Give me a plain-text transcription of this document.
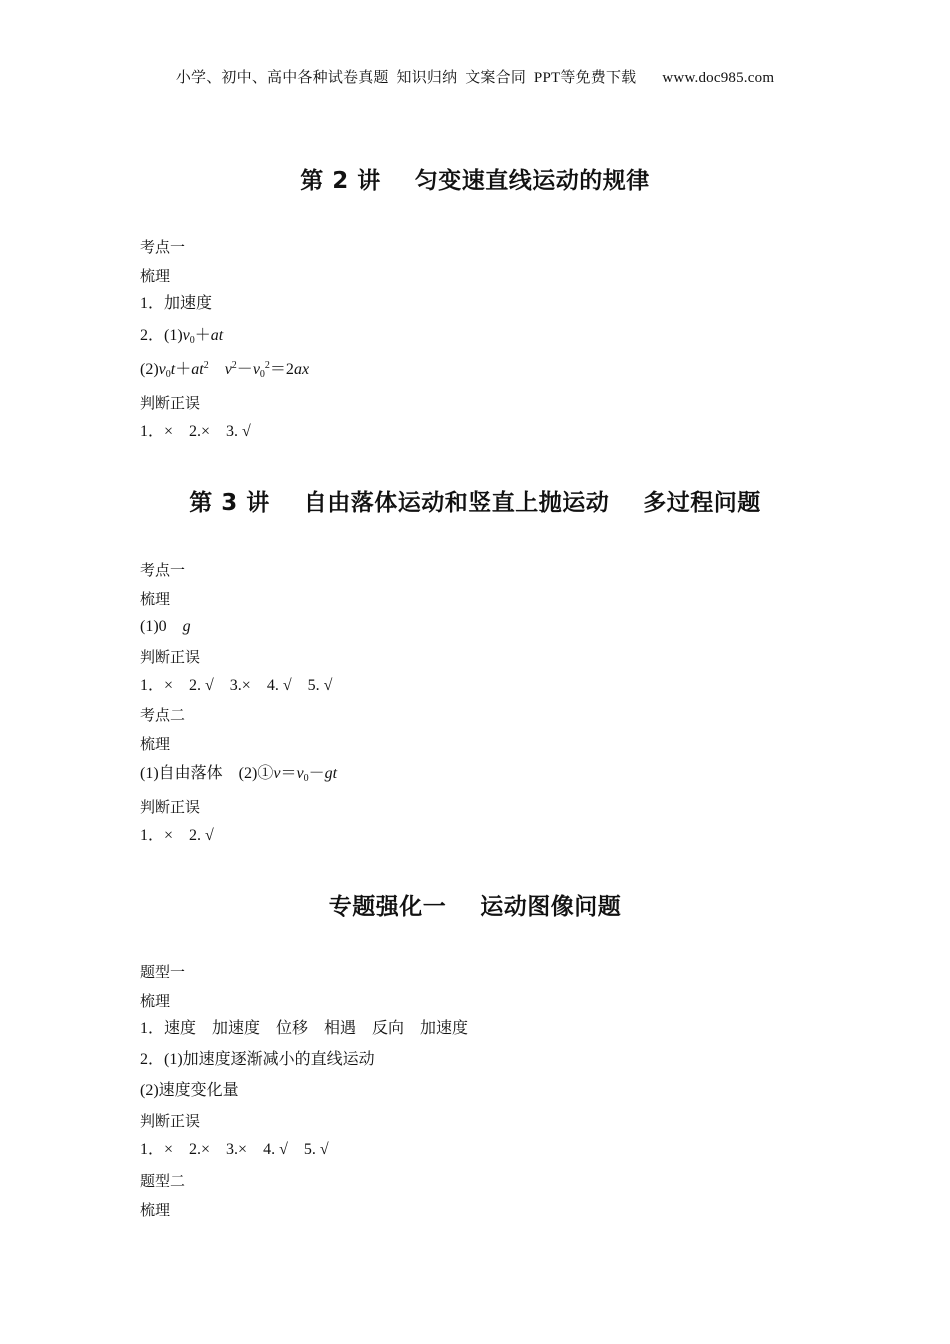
小学、初中、高中各种试卷真题  知识归纳  文案合同  PPT等免费下载 www.doc985.com
第 2 讲    匀变速直线运动的规律
考点一
梳理
1．加速度
2．$(1)v_0+at$
$(2)v_0t+at^2$ $v^2-v_0^2=2ax$
判断正误
1．×    2.×    3. √
第 3 讲    自由落体运动和竖直上抛运动    多过程问题
考点一
梳理
(1)0    g
判断正误
1．×    2. √    3.×    4. √    5. √
考点二
梳理
(1)自由落体    $(2)①v=v_0-gt$
判断正误
1．×    2. √
专题强化一    运动图像问题
题型一
梳理
1．速度    加速度    位移    相遇    反向    加速度
2．(1)加速度逐渐减小的直线运动
(2)速度变化量
判断正误
1．×    2.×    3.×    4. √    5. √
题型二
梳理
